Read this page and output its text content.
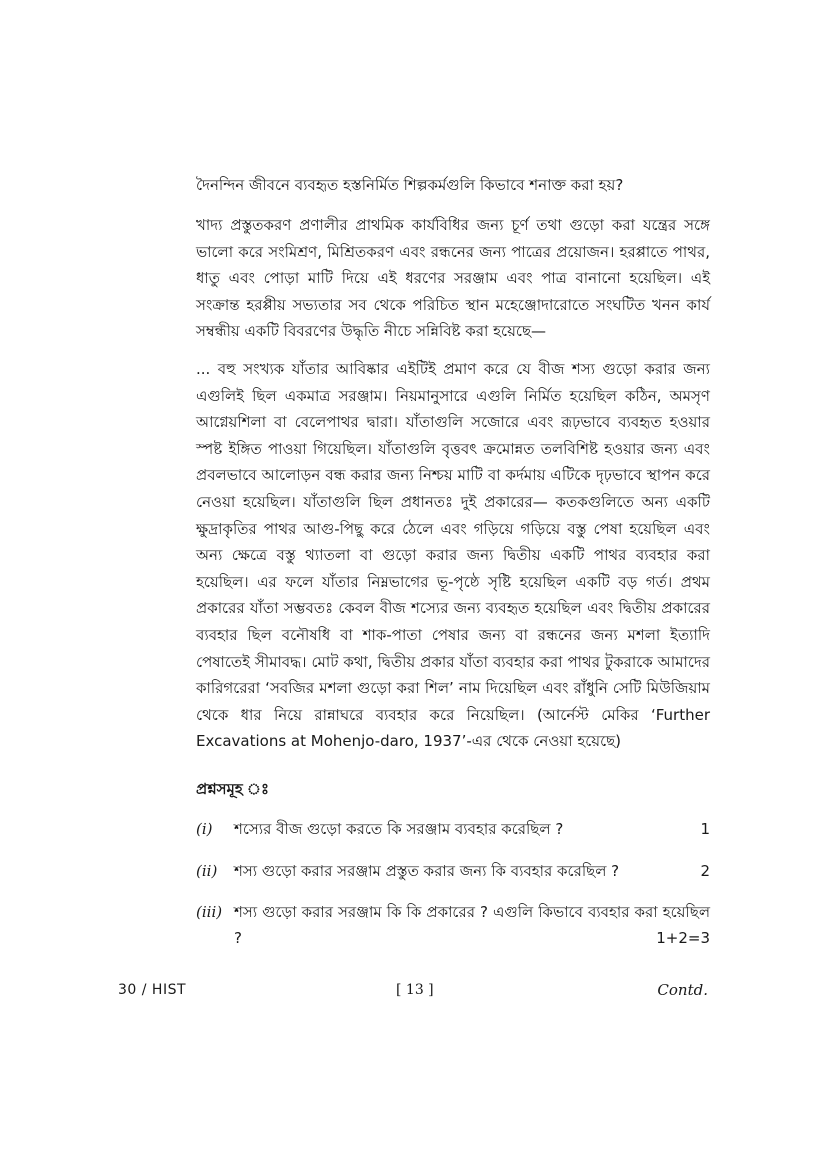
দৈনন্দিন জীবনে ব্যবহৃত হস্তনির্মিত শিল্পকর্মগুলি কিভাবে শনাক্ত করা হয়?

খাদ্য প্রস্তুতকরণ প্রণালীর প্রাথমিক কার্যবিধির জন্য চূর্ণ তথা গুড়ো করা যন্ত্রের সঙ্গে ভালো করে সংমিশ্রণ, মিশ্রিতকরণ এবং রন্ধনের জন্য পাত্রের প্রয়োজন। হরপ্পাতে পাথর, ধাতু এবং পোড়া মাটি দিয়ে এই ধরণের সরঞ্জাম এবং পাত্র বানানো হয়েছিল। এই সংক্রান্ত হরপ্পীয় সভ্যতার সব থেকে পরিচিত স্থান মহেঞ্জোদারোতে সংঘটিত খনন কার্য সম্বন্ধীয় একটি বিবরণের উদ্ধৃতি নীচে সন্নিবিষ্ট করা হয়েছে—

... বহু সংখ্যক যাঁতার আবিষ্কার এইটিই প্রমাণ করে যে বীজ শস্য গুড়ো করার জন্য এগুলিই ছিল একমাত্র সরঞ্জাম। নিয়মানুসারে এগুলি নির্মিত হয়েছিল কঠিন, অমসৃণ আগ্নেয়শিলা বা বেলেপাথর দ্বারা। যাঁতাগুলি সজোরে এবং রূঢ়ভাবে ব্যবহৃত হওয়ার স্পষ্ট ইঙ্গিত পাওয়া গিয়েছিল। যাঁতাগুলি বৃত্তবৎ ক্রমোন্নত তলবিশিষ্ট হওয়ার জন্য এবং প্রবলভাবে আলোড়ন বন্ধ করার জন্য নিশ্চয় মাটি বা কর্দমায় এটিকে দৃঢ়ভাবে স্থাপন করে নেওয়া হয়েছিল। যাঁতাগুলি ছিল প্রধানতঃ দুই প্রকারের— কতকগুলিতে অন্য একটি ক্ষুদ্রাকৃতির পাথর আগু-পিছু করে ঠেলে এবং গড়িয়ে গড়িয়ে বস্তু পেষা হয়েছিল এবং অন্য ক্ষেত্রে বস্তু থ্যাতলা বা গুড়ো করার জন্য দ্বিতীয় একটি পাথর ব্যবহার করা হয়েছিল। এর ফলে যাঁতার নিম্নভাগের ভূ-পৃষ্ঠে সৃষ্টি হয়েছিল একটি বড় গর্ত। প্রথম প্রকারের যাঁতা সম্ভবতঃ কেবল বীজ শস্যের জন্য ব্যবহৃত হয়েছিল এবং দ্বিতীয় প্রকারের ব্যবহার ছিল বনৌষধি বা শাক-পাতা পেষার জন্য বা রন্ধনের জন্য মশলা ইত্যাদি পেষাতেই সীমাবদ্ধ। মোট কথা, দ্বিতীয় প্রকার যাঁতা ব্যবহার করা পাথর টুকরাকে আমাদের কারিগরেরা ‘সবজির মশলা গুড়ো করা শিল’ নাম দিয়েছিল এবং রাঁধুনি সেটি মিউজিয়াম থেকে ধার নিয়ে রান্নাঘরে ব্যবহার করে নিয়েছিল। (আর্নেস্ট মেকির ‘Further Excavations at Mohenjo-daro, 1937’-এর থেকে নেওয়া হয়েছে)

প্রশ্নসমূহ ঃ
(i) শস্যের বীজ গুড়ো করতে কি সরঞ্জাম ব্যবহার করেছিল ?	1
(ii) শস্য গুড়ো করার সরঞ্জাম প্রস্তুত করার জন্য কি ব্যবহার করেছিল ?	2
(iii) শস্য গুড়ো করার সরঞ্জাম কি কি প্রকারের ? এগুলি কিভাবে ব্যবহার করা হয়েছিল ?	1+2=3
30 / HIST	[ 13 ]	Contd.
